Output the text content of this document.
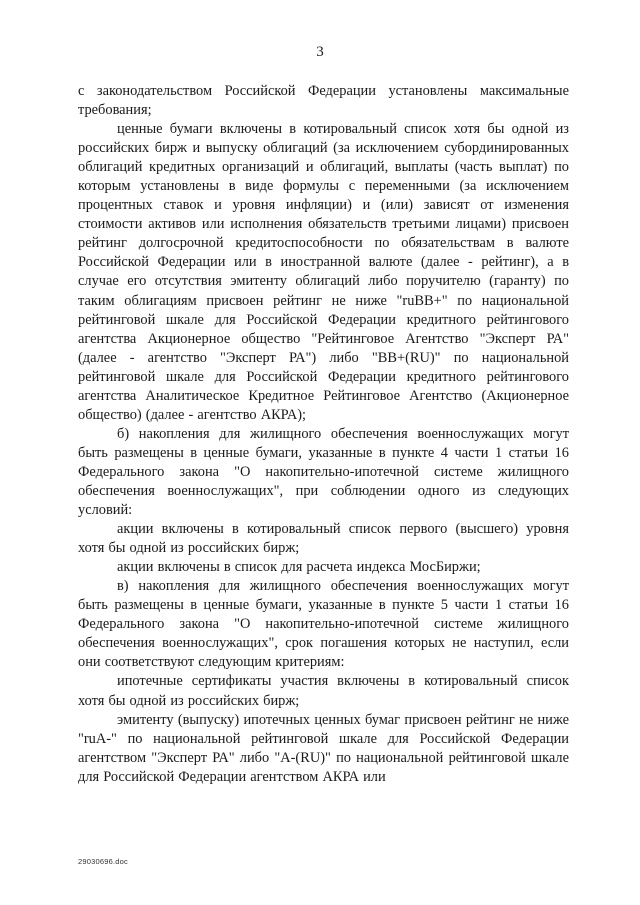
3

с законодательством Российской Федерации установлены максимальные требования;

ценные бумаги включены в котировальный список хотя бы одной из российских бирж и выпуску облигаций (за исключением субординированных облигаций кредитных организаций и облигаций, выплаты (часть выплат) по которым установлены в виде формулы с переменными (за исключением процентных ставок и уровня инфляции) и (или) зависят от изменения стоимости активов или исполнения обязательств третьими лицами) присвоен рейтинг долгосрочной кредитоспособности по обязательствам в валюте Российской Федерации или в иностранной валюте (далее - рейтинг), а в случае его отсутствия эмитенту облигаций либо поручителю (гаранту) по таким облигациям присвоен рейтинг не ниже "ruBB+" по национальной рейтинговой шкале для Российской Федерации кредитного рейтингового агентства Акционерное общество "Рейтинговое Агентство "Эксперт РА" (далее - агентство "Эксперт РА") либо "BB+(RU)" по национальной рейтинговой шкале для Российской Федерации кредитного рейтингового агентства Аналитическое Кредитное Рейтинговое Агентство (Акционерное общество) (далее - агентство АКРА);

б) накопления для жилищного обеспечения военнослужащих могут быть размещены в ценные бумаги, указанные в пункте 4 части 1 статьи 16 Федерального закона "О накопительно-ипотечной системе жилищного обеспечения военнослужащих", при соблюдении одного из следующих условий:

акции включены в котировальный список первого (высшего) уровня хотя бы одной из российских бирж;

акции включены в список для расчета индекса МосБиржи;

в) накопления для жилищного обеспечения военнослужащих могут быть размещены в ценные бумаги, указанные в пункте 5 части 1 статьи 16 Федерального закона "О накопительно-ипотечной системе жилищного обеспечения военнослужащих", срок погашения которых не наступил, если они соответствуют следующим критериям:

ипотечные сертификаты участия включены в котировальный список хотя бы одной из российских бирж;

эмитенту (выпуску) ипотечных ценных бумаг присвоен рейтинг не ниже "ruA-" по национальной рейтинговой шкале для Российской Федерации агентством "Эксперт РА" либо "A-(RU)" по национальной рейтинговой шкале для Российской Федерации агентством АКРА или

29030696.doc
